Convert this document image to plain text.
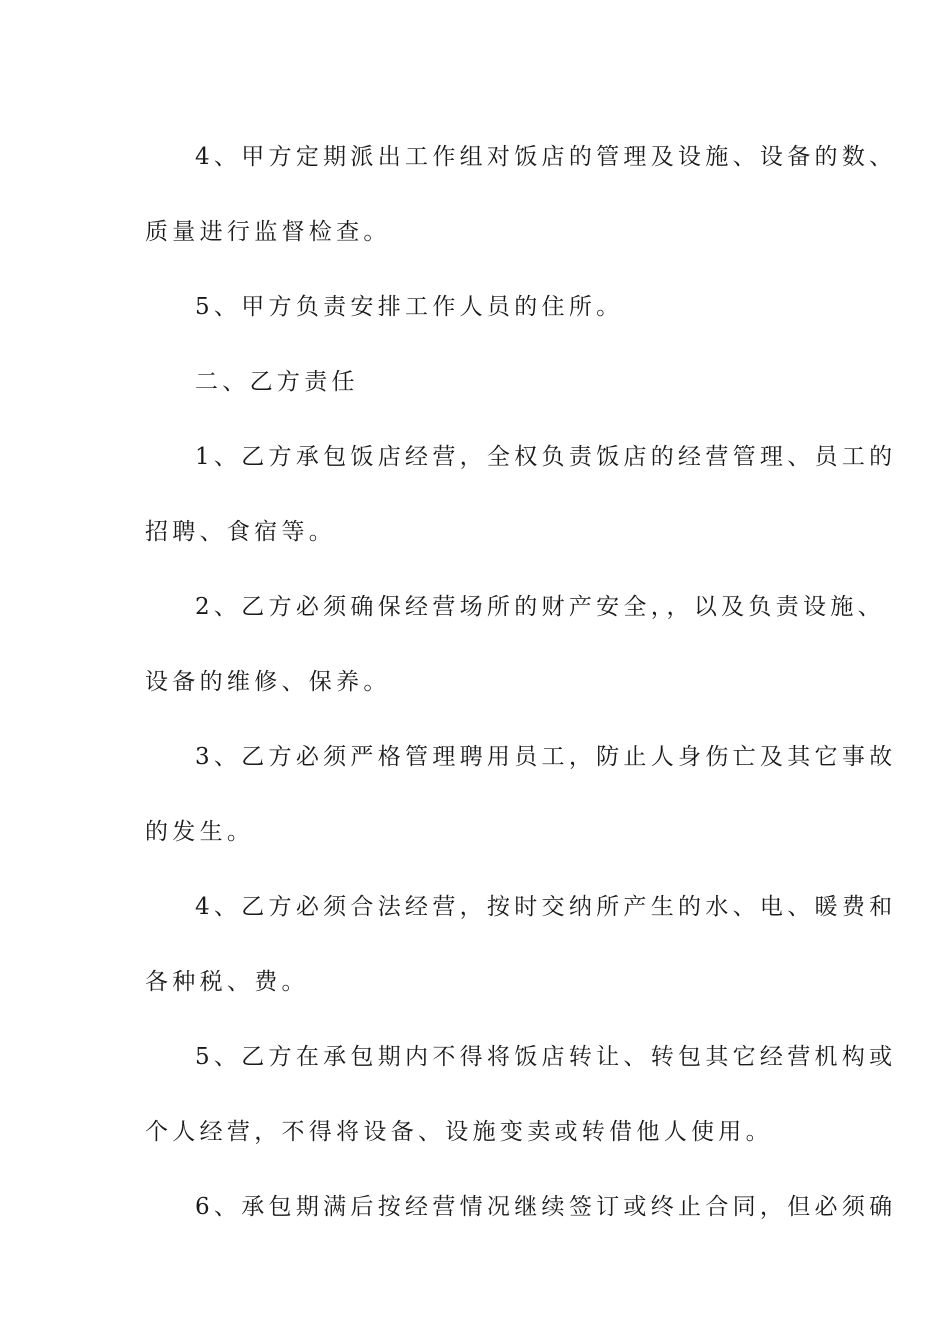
4、甲方定期派出工作组对饭店的管理及设施、设备的数、
质量进行监督检查。
5、甲方负责安排工作人员的住所。
二、乙方责任
1、乙方承包饭店经营，全权负责饭店的经营管理、员工的
招聘、食宿等。
2、乙方必须确保经营场所的财产安全，，以及负责设施、
设备的维修、保养。
3、乙方必须严格管理聘用员工，防止人身伤亡及其它事故
的发生。
4、乙方必须合法经营，按时交纳所产生的水、电、暖费和
各种税、费。
5、乙方在承包期内不得将饭店转让、转包其它经营机构或
个人经营，不得将设备、设施变卖或转借他人使用。
6、承包期满后按经营情况继续签订或终止合同，但必须确
